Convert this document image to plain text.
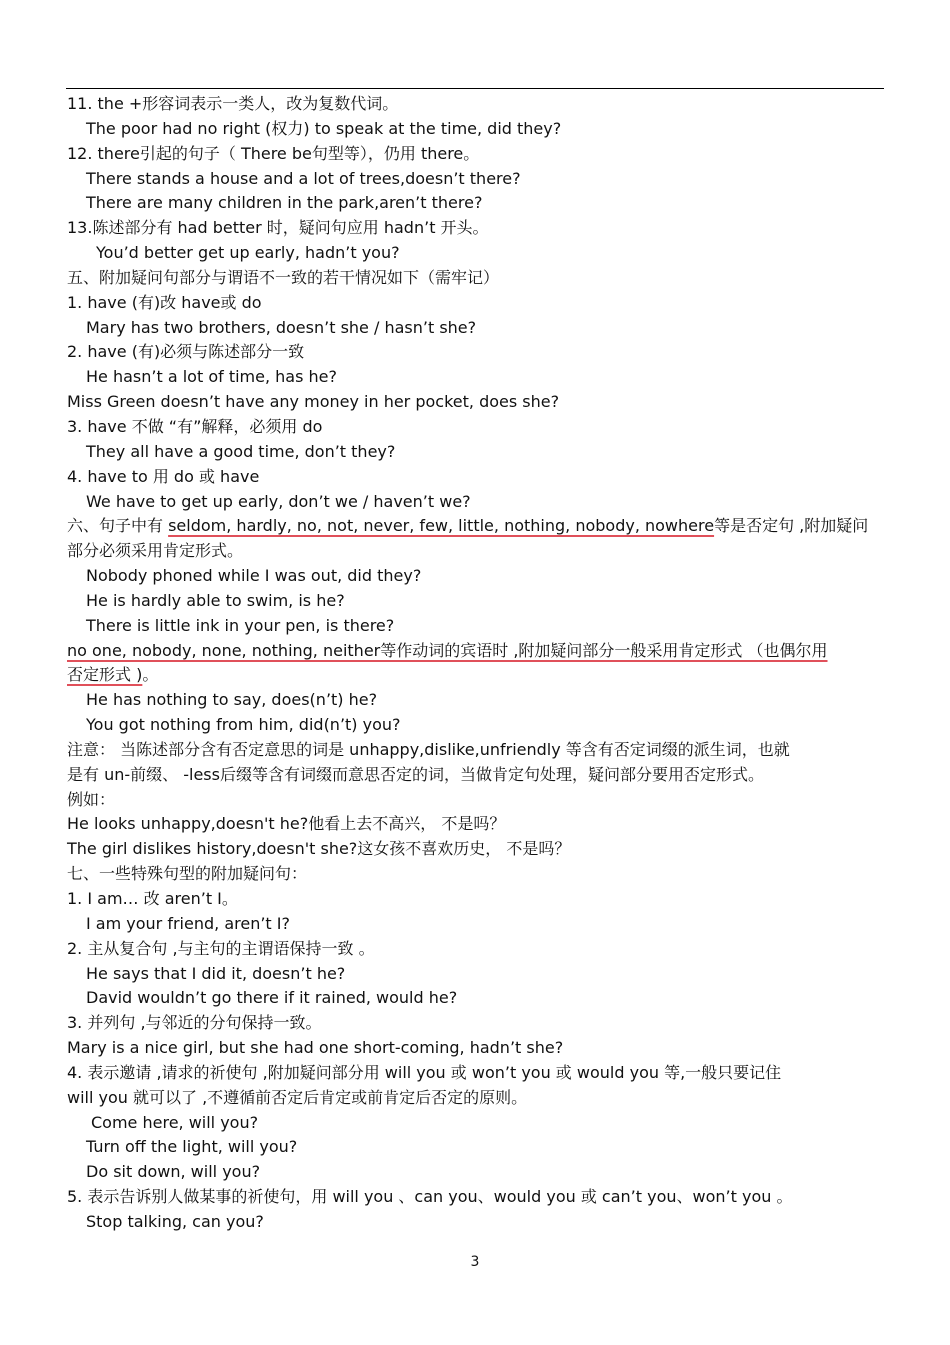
11. the +形容词表示一类人，改为复数代词。
The poor had no right (权力) to speak at the time, did they?
12. there引起的句子（ There be句型等），仍用 there。
There stands a house and a lot of trees,doesn’t there?
There are many children in the park,aren’t there?
13.陈述部分有 had better 时，疑问句应用 hadn’t 开头。
You’d better get up early, hadn’t you?
五、附加疑问句部分与谓语不一致的若干情况如下（需牢记）
1. have (有)改 have或 do
Mary has two brothers, doesn’t she / hasn’t she?
2. have (有)必须与陈述部分一致
He hasn’t a lot of time, has he?
Miss Green doesn’t have any money in her pocket, does she?
3. have 不做 “有”解释，必须用 do
They all have a good time, don’t they?
4. have to 用 do 或 have
We have to get up early, don’t we / haven’t we?
六、句子中有 seldom, hardly, no, not, never, few, little, nothing, nobody, nowhere等是否定句 ,附加疑问
部分必须采用肯定形式。
Nobody phoned while I was out, did they?
He is hardly able to swim, is he?
There is little ink in your pen, is there?
no one, nobody, none, nothing, neither等作动词的宾语时 ,附加疑问部分一般采用肯定形式 （也偶尔用
否定形式 )。
He has nothing to say, does(n’t) he?
You got nothing from him, did(n’t) you?
注意： 当陈述部分含有否定意思的词是 unhappy,dislike,unfriendly 等含有否定词缀的派生词，也就
是有 un-前缀、 -less后缀等含有词缀而意思否定的词，当做肯定句处理，疑问部分要用否定形式。
例如：
He looks unhappy,doesn't he?他看上去不高兴， 不是吗？
The girl dislikes history,doesn't she?这女孩不喜欢历史， 不是吗？
七、一些特殊句型的附加疑问句：
1. I am… 改 aren’t I。
I am your friend, aren’t I?
2. 主从复合句 ,与主句的主谓语保持一致 。
He says that I did it, doesn’t he?
David wouldn’t go there if it rained, would he?
3. 并列句 ,与邻近的分句保持一致。
Mary is a nice girl, but she had one short-coming, hadn’t she?
4. 表示邀请 ,请求的祈使句 ,附加疑问部分用 will you 或 won’t you 或 would you 等,一般只要记住
will you 就可以了 ,不遵循前否定后肯定或前肯定后否定的原则。
Come here, will you?
Turn off the light, will you?
Do sit down, will you?
5. 表示告诉别人做某事的祈使句，用 will you 、can you、would you 或 can’t you、won’t you 。
Stop talking, can you?
3
